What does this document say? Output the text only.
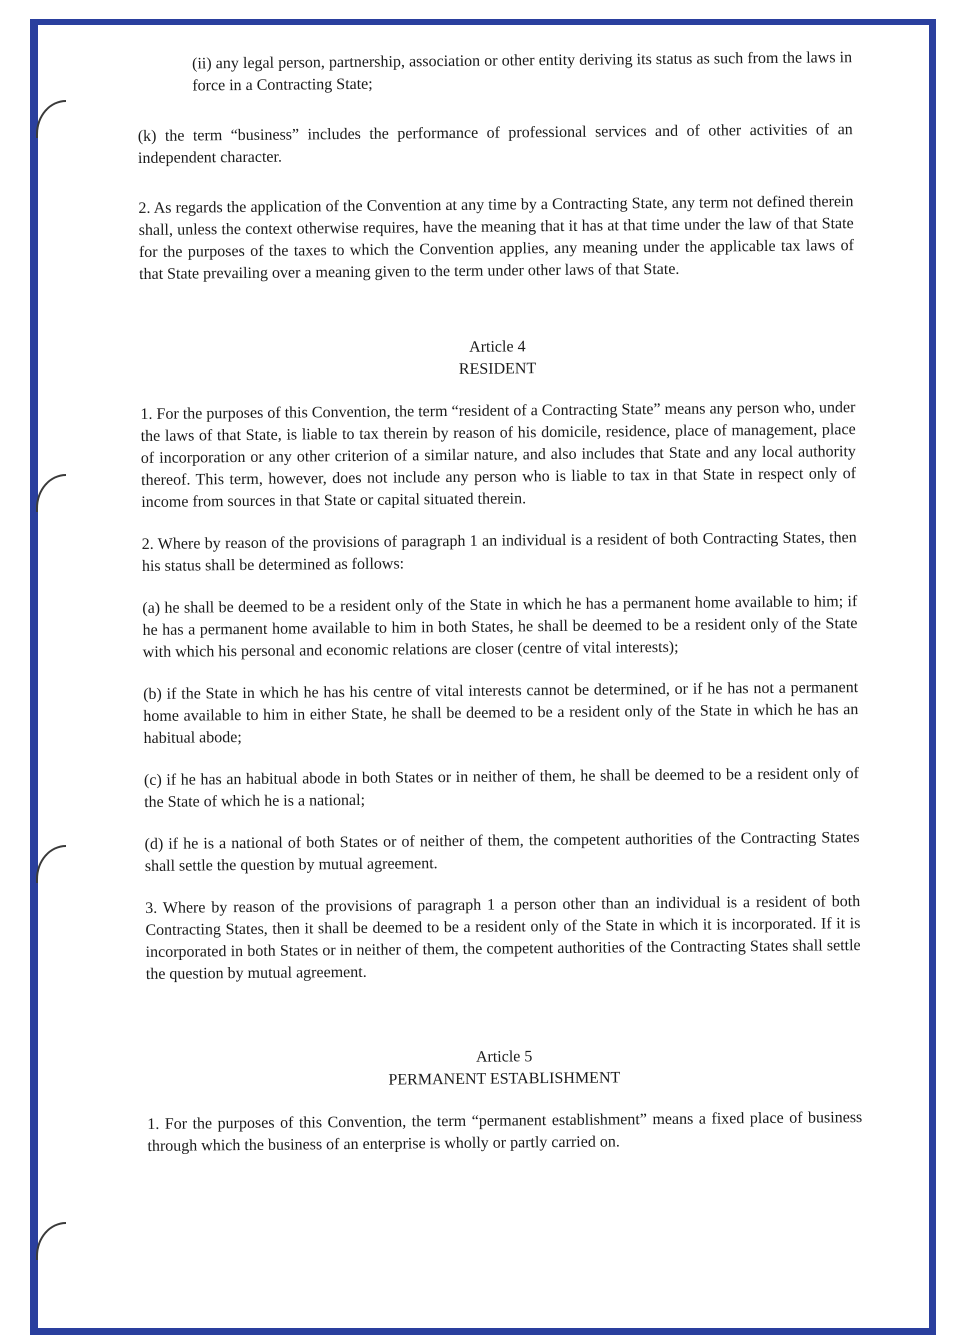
(ii) any legal person, partnership, association or other entity deriving its status as such from the laws in force in a Contracting State;

(k) the term “business” includes the performance of professional services and of other activities of an independent character.

2. As regards the application of the Convention at any time by a Contracting State, any term not defined therein shall, unless the context otherwise requires, have the meaning that it has at that time under the law of that State for the purposes of the taxes to which the Convention applies, any meaning under the applicable tax laws of that State prevailing over a meaning given to the term under other laws of that State.

Article 4
RESIDENT

1. For the purposes of this Convention, the term “resident of a Contracting State” means any person who, under the laws of that State, is liable to tax therein by reason of his domicile, residence, place of management, place of incorporation or any other criterion of a similar nature, and also includes that State and any local authority thereof. This term, however, does not include any person who is liable to tax in that State in respect only of income from sources in that State or capital situated therein.

2. Where by reason of the provisions of paragraph 1 an individual is a resident of both Contracting States, then his status shall be determined as follows:

(a) he shall be deemed to be a resident only of the State in which he has a permanent home available to him; if he has a permanent home available to him in both States, he shall be deemed to be a resident only of the State with which his personal and economic relations are closer (centre of vital interests);

(b) if the State in which he has his centre of vital interests cannot be determined, or if he has not a permanent home available to him in either State, he shall be deemed to be a resident only of the State in which he has an habitual abode;

(c) if he has an habitual abode in both States or in neither of them, he shall be deemed to be a resident only of the State of which he is a national;

(d) if he is a national of both States or of neither of them, the competent authorities of the Contracting States shall settle the question by mutual agreement.

3. Where by reason of the provisions of paragraph 1 a person other than an individual is a resident of both Contracting States, then it shall be deemed to be a resident only of the State in which it is incorporated. If it is incorporated in both States or in neither of them, the competent authorities of the Contracting States shall settle the question by mutual agreement.

Article 5
PERMANENT ESTABLISHMENT

1. For the purposes of this Convention, the term “permanent establishment” means a fixed place of business through which the business of an enterprise is wholly or partly carried on.
